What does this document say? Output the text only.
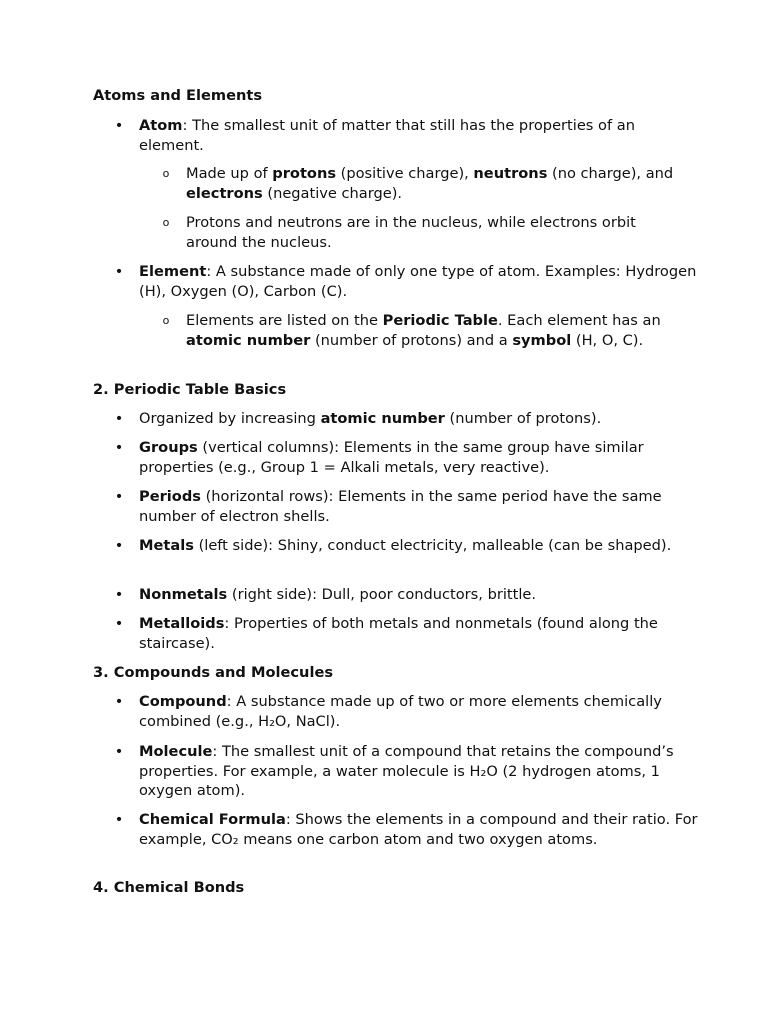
Atoms and Elements
• Atom: The smallest unit of matter that still has the properties of an element.
o Made up of protons (positive charge), neutrons (no charge), and electrons (negative charge).
o Protons and neutrons are in the nucleus, while electrons orbit around the nucleus.
• Element: A substance made of only one type of atom. Examples: Hydrogen (H), Oxygen (O), Carbon (C).
o Elements are listed on the Periodic Table. Each element has an atomic number (number of protons) and a symbol (H, O, C).
2. Periodic Table Basics
• Organized by increasing atomic number (number of protons).
• Groups (vertical columns): Elements in the same group have similar properties (e.g., Group 1 = Alkali metals, very reactive).
• Periods (horizontal rows): Elements in the same period have the same number of electron shells.
• Metals (left side): Shiny, conduct electricity, malleable (can be shaped).
• Nonmetals (right side): Dull, poor conductors, brittle.
• Metalloids: Properties of both metals and nonmetals (found along the staircase).
3. Compounds and Molecules
• Compound: A substance made up of two or more elements chemically combined (e.g., H₂O, NaCl).
• Molecule: The smallest unit of a compound that retains the compound’s properties. For example, a water molecule is H₂O (2 hydrogen atoms, 1 oxygen atom).
• Chemical Formula: Shows the elements in a compound and their ratio. For example, CO₂ means one carbon atom and two oxygen atoms.
4. Chemical Bonds
